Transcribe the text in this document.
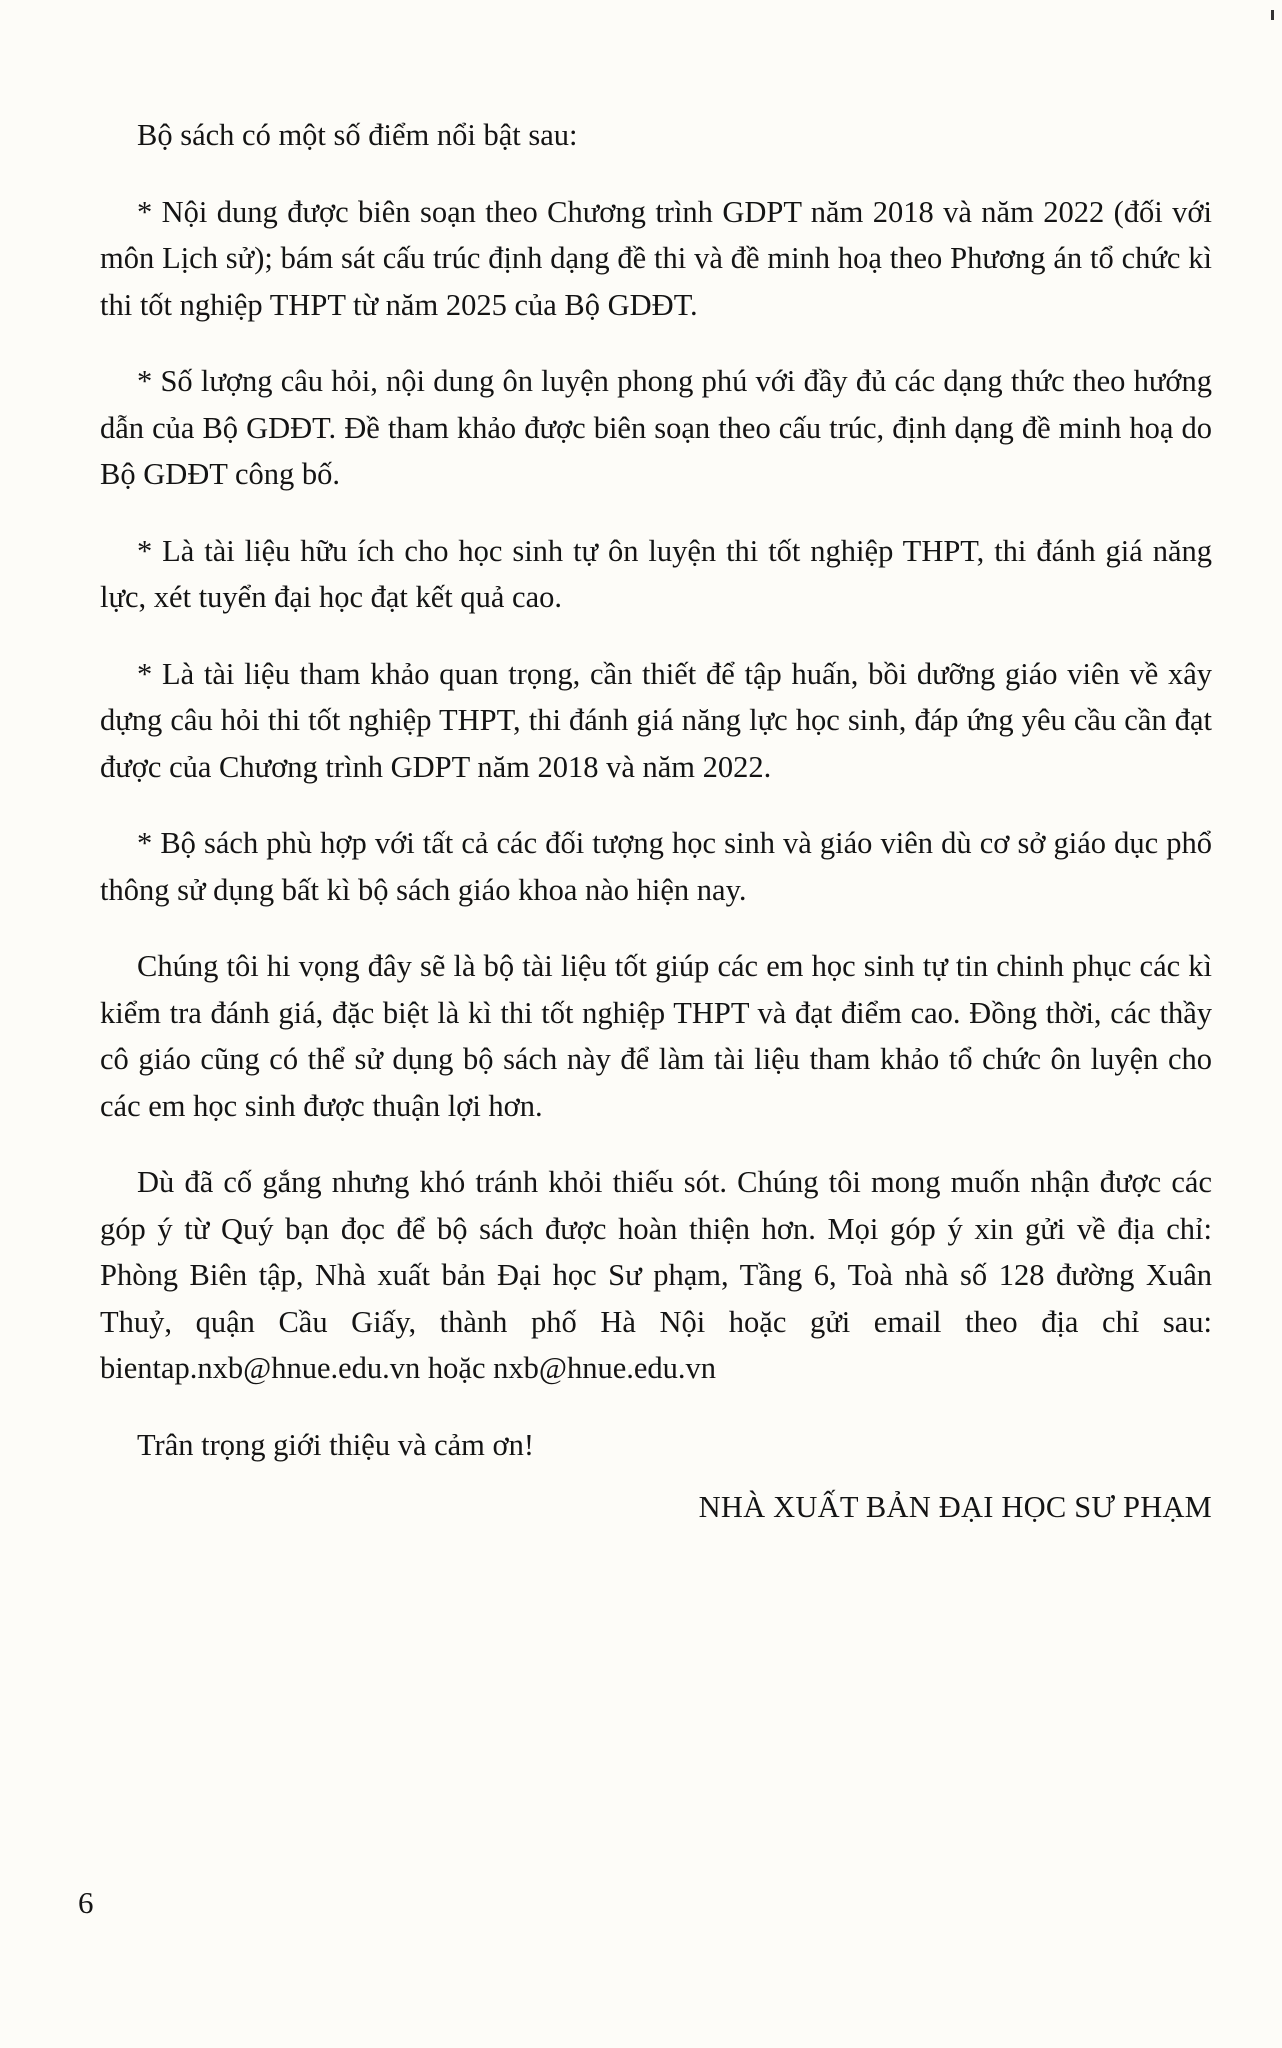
Bộ sách có một số điểm nổi bật sau:

* Nội dung được biên soạn theo Chương trình GDPT năm 2018 và năm 2022 (đối với môn Lịch sử); bám sát cấu trúc định dạng đề thi và đề minh hoạ theo Phương án tổ chức kì thi tốt nghiệp THPT từ năm 2025 của Bộ GDĐT.

* Số lượng câu hỏi, nội dung ôn luyện phong phú với đầy đủ các dạng thức theo hướng dẫn của Bộ GDĐT. Đề tham khảo được biên soạn theo cấu trúc, định dạng đề minh hoạ do Bộ GDĐT công bố.

* Là tài liệu hữu ích cho học sinh tự ôn luyện thi tốt nghiệp THPT, thi đánh giá năng lực, xét tuyển đại học đạt kết quả cao.

* Là tài liệu tham khảo quan trọng, cần thiết để tập huấn, bồi dưỡng giáo viên về xây dựng câu hỏi thi tốt nghiệp THPT, thi đánh giá năng lực học sinh, đáp ứng yêu cầu cần đạt được của Chương trình GDPT năm 2018 và năm 2022.

* Bộ sách phù hợp với tất cả các đối tượng học sinh và giáo viên dù cơ sở giáo dục phổ thông sử dụng bất kì bộ sách giáo khoa nào hiện nay.

Chúng tôi hi vọng đây sẽ là bộ tài liệu tốt giúp các em học sinh tự tin chinh phục các kì kiểm tra đánh giá, đặc biệt là kì thi tốt nghiệp THPT và đạt điểm cao. Đồng thời, các thầy cô giáo cũng có thể sử dụng bộ sách này để làm tài liệu tham khảo tổ chức ôn luyện cho các em học sinh được thuận lợi hơn.

Dù đã cố gắng nhưng khó tránh khỏi thiếu sót. Chúng tôi mong muốn nhận được các góp ý từ Quý bạn đọc để bộ sách được hoàn thiện hơn. Mọi góp ý xin gửi về địa chỉ: Phòng Biên tập, Nhà xuất bản Đại học Sư phạm, Tầng 6, Toà nhà số 128 đường Xuân Thuỷ, quận Cầu Giấy, thành phố Hà Nội hoặc gửi email theo địa chỉ sau: bientap.nxb@hnue.edu.vn hoặc nxb@hnue.edu.vn

Trân trọng giới thiệu và cảm ơn!

NHÀ XUẤT BẢN ĐẠI HỌC SƯ PHẠM

6
